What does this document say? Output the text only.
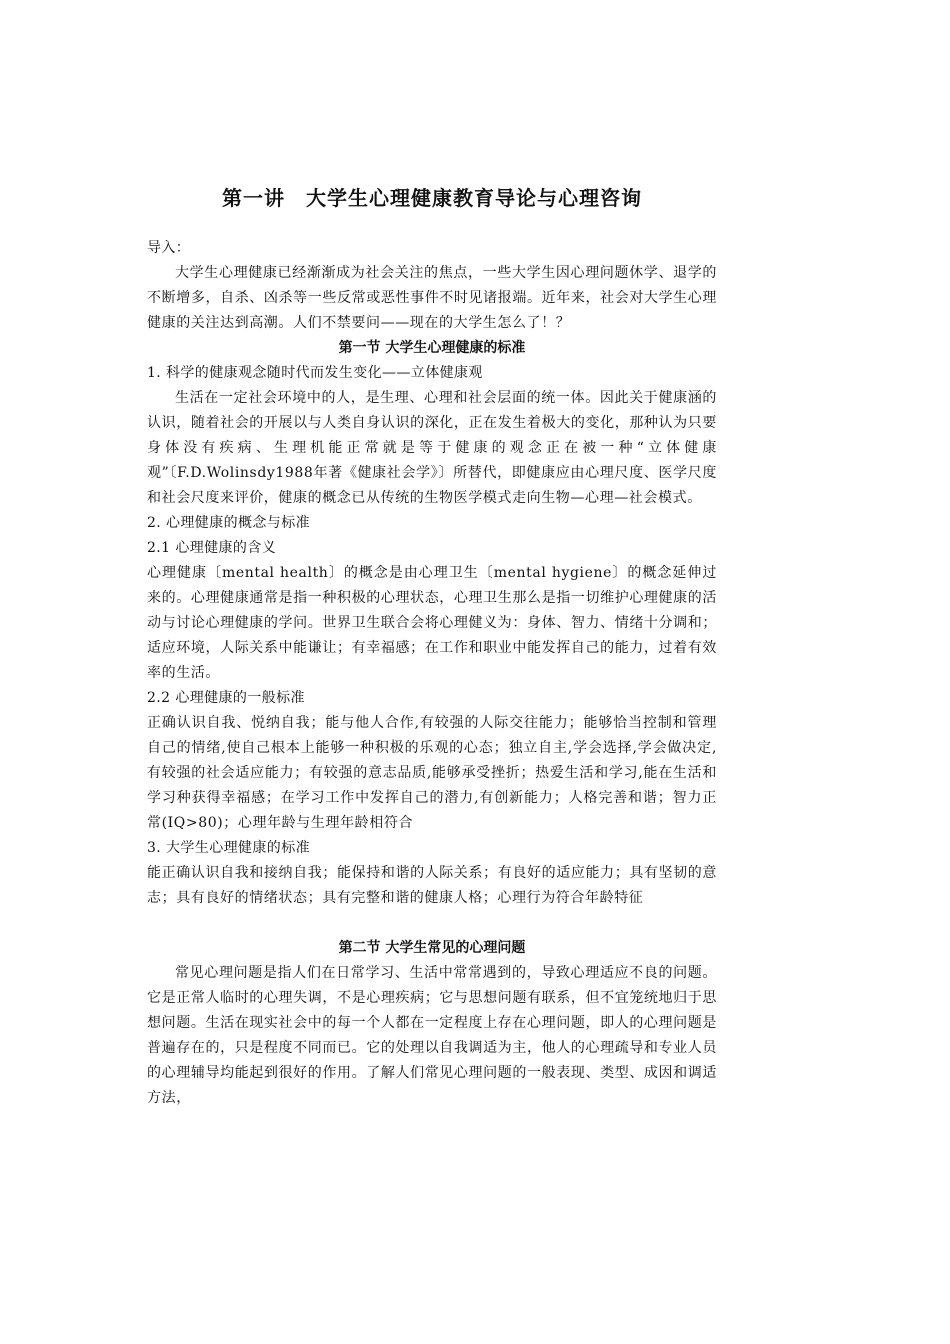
第一讲　大学生心理健康教育导论与心理咨询

导入：

大学生心理健康已经渐渐成为社会关注的焦点，一些大学生因心理问题休学、退学的不断增多，自杀、凶杀等一些反常或恶性事件不时见诸报端。近年来，社会对大学生心理健康的关注达到高潮。人们不禁要问——现在的大学生怎么了！？

第一节 大学生心理健康的标准

1. 科学的健康观念随时代而发生变化——立体健康观

生活在一定社会环境中的人，是生理、心理和社会层面的统一体。因此关于健康涵的认识，随着社会的开展以与人类自身认识的深化，正在发生着极大的变化，那种认为只要身体没有疾病、生理机能正常就是等于健康的观念正在被一种“立体健康观”〔F.D.Wolinsdy1988年著《健康社会学》〕所替代，即健康应由心理尺度、医学尺度和社会尺度来评价，健康的概念已从传统的生物医学模式走向生物—心理—社会模式。

2. 心理健康的概念与标准

2.1 心理健康的含义

心理健康〔mental health〕的概念是由心理卫生〔mental hygiene〕的概念延伸过来的。心理健康通常是指一种积极的心理状态，心理卫生那么是指一切维护心理健康的活动与讨论心理健康的学问。世界卫生联合会将心理健义为：身体、智力、情绪十分调和；适应环境，人际关系中能谦让；有幸福感；在工作和职业中能发挥自己的能力，过着有效率的生活。

2.2 心理健康的一般标准

正确认识自我、悦纳自我；能与他人合作,有较强的人际交往能力；能够恰当控制和管理自己的情绪,使自己根本上能够一种积极的乐观的心态；独立自主,学会选择,学会做决定,有较强的社会适应能力；有较强的意志品质,能够承受挫折；热爱生活和学习,能在生活和学习种获得幸福感；在学习工作中发挥自己的潜力,有创新能力；人格完善和谐；智力正常(IQ>80)；心理年龄与生理年龄相符合

3. 大学生心理健康的标准

能正确认识自我和接纳自我；能保持和谐的人际关系；有良好的适应能力；具有坚韧的意志；具有良好的情绪状态；具有完整和谐的健康人格；心理行为符合年龄特征

第二节 大学生常见的心理问题

常见心理问题是指人们在日常学习、生活中常常遇到的，导致心理适应不良的问题。它是正常人临时的心理失调，不是心理疾病；它与思想问题有联系，但不宜笼统地归于思想问题。生活在现实社会中的每一个人都在一定程度上存在心理问题，即人的心理问题是普遍存在的，只是程度不同而已。它的处理以自我调适为主，他人的心理疏导和专业人员的心理辅导均能起到很好的作用。了解人们常见心理问题的一般表现、类型、成因和调适方法，
